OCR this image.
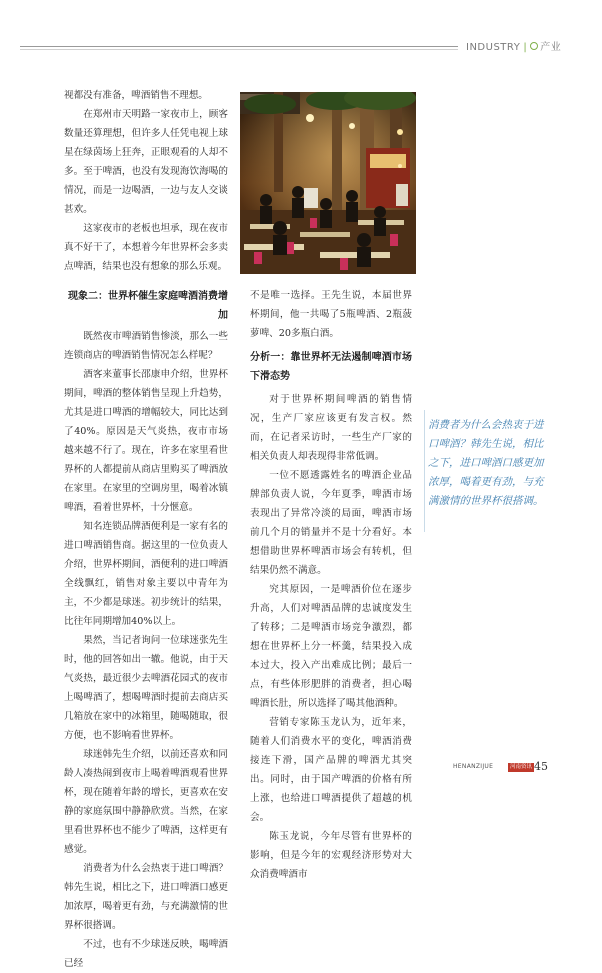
INDUSTRY | 产业

视都没有准备，啤酒销售不理想。

在郑州市天明路一家夜市上，顾客数量还算理想，但许多人任凭电视上球星在绿茵场上狂奔，正眼观看的人却不多。至于啤酒，也没有发现海饮海喝的情况，而是一边喝酒，一边与友人交谈甚欢。

这家夜市的老板也坦承，现在夜市真不好干了，本想着今年世界杯会多卖点啤酒，结果也没有想象的那么乐观。

现象二：世界杯催生家庭啤酒消费增加

既然夜市啤酒销售惨淡，那么一些连锁商店的啤酒销售情况怎么样呢？

酒客来董事长邵康申介绍，世界杯期间，啤酒的整体销售呈现上升趋势，尤其是进口啤酒的增幅较大，同比达到了40%。原因是天气炎热，夜市市场越来越不行了。现在，许多在家里看世界杯的人都提前从商店里购买了啤酒放在家里。在家里的空调房里，喝着冰镇啤酒，看着世界杯，十分惬意。

知名连锁品牌酒便利是一家有名的进口啤酒销售商。据这里的一位负责人介绍，世界杯期间，酒便利的进口啤酒全线飘红，销售对象主要以中青年为主，不少都是球迷。初步统计的结果，比往年同期增加40%以上。

果然，当记者询问一位球迷张先生时，他的回答如出一辙。他说，由于天气炎热，最近很少去啤酒花园式的夜市上喝啤酒了，想喝啤酒时提前去商店买几箱放在家中的冰箱里，随喝随取，很方便，也不影响看世界杯。

球迷韩先生介绍，以前还喜欢和同龄人凑热闹到夜市上喝着啤酒观看世界杯，现在随着年龄的增长，更喜欢在安静的家庭氛围中静静欣赏。当然，在家里看世界杯也不能少了啤酒，这样更有感觉。

消费者为什么会热衷于进口啤酒？韩先生说，相比之下，进口啤酒口感更加浓厚，喝着更有劲，与充满激情的世界杯很搭调。

不过，也有不少球迷反映，喝啤酒已经

不是唯一选择。王先生说，本届世界杯期间，他一共喝了5瓶啤酒、2瓶菠萝啤、20多瓶白酒。

分析一：靠世界杯无法遏制啤酒市场下滑态势

对于世界杯期间啤酒的销售情况，生产厂家应该更有发言权。然而，在记者采访时，一些生产厂家的相关负责人却表现得非常低调。

一位不愿透露姓名的啤酒企业品牌部负责人说，今年夏季，啤酒市场表现出了异常冷淡的局面，啤酒市场前几个月的销量并不是十分看好。本想借助世界杯啤酒市场会有转机，但结果仍然不满意。

究其原因，一是啤酒价位在逐步升高，人们对啤酒品牌的忠诚度发生了转移；二是啤酒市场竞争激烈，都想在世界杯上分一杯羹，结果投入成本过大，投入产出难成比例；最后一点，有些体形肥胖的消费者，担心喝啤酒长肚，所以选择了喝其他酒种。

营销专家陈玉龙认为，近年来，随着人们消费水平的变化，啤酒消费接连下滑，国产品牌的啤酒尤其突出。同时，由于国产啤酒的价格有所上涨，也给进口啤酒提供了超越的机会。

陈玉龙说，今年尽管有世界杯的影响，但是今年的宏观经济形势对大众消费啤酒市

消费者为什么会热衷于进口啤酒？韩先生说，相比之下，进口啤酒口感更加浓厚，喝着更有劲，与充满激情的世界杯很搭调。
HENANZIJUE	河南资讯 45
